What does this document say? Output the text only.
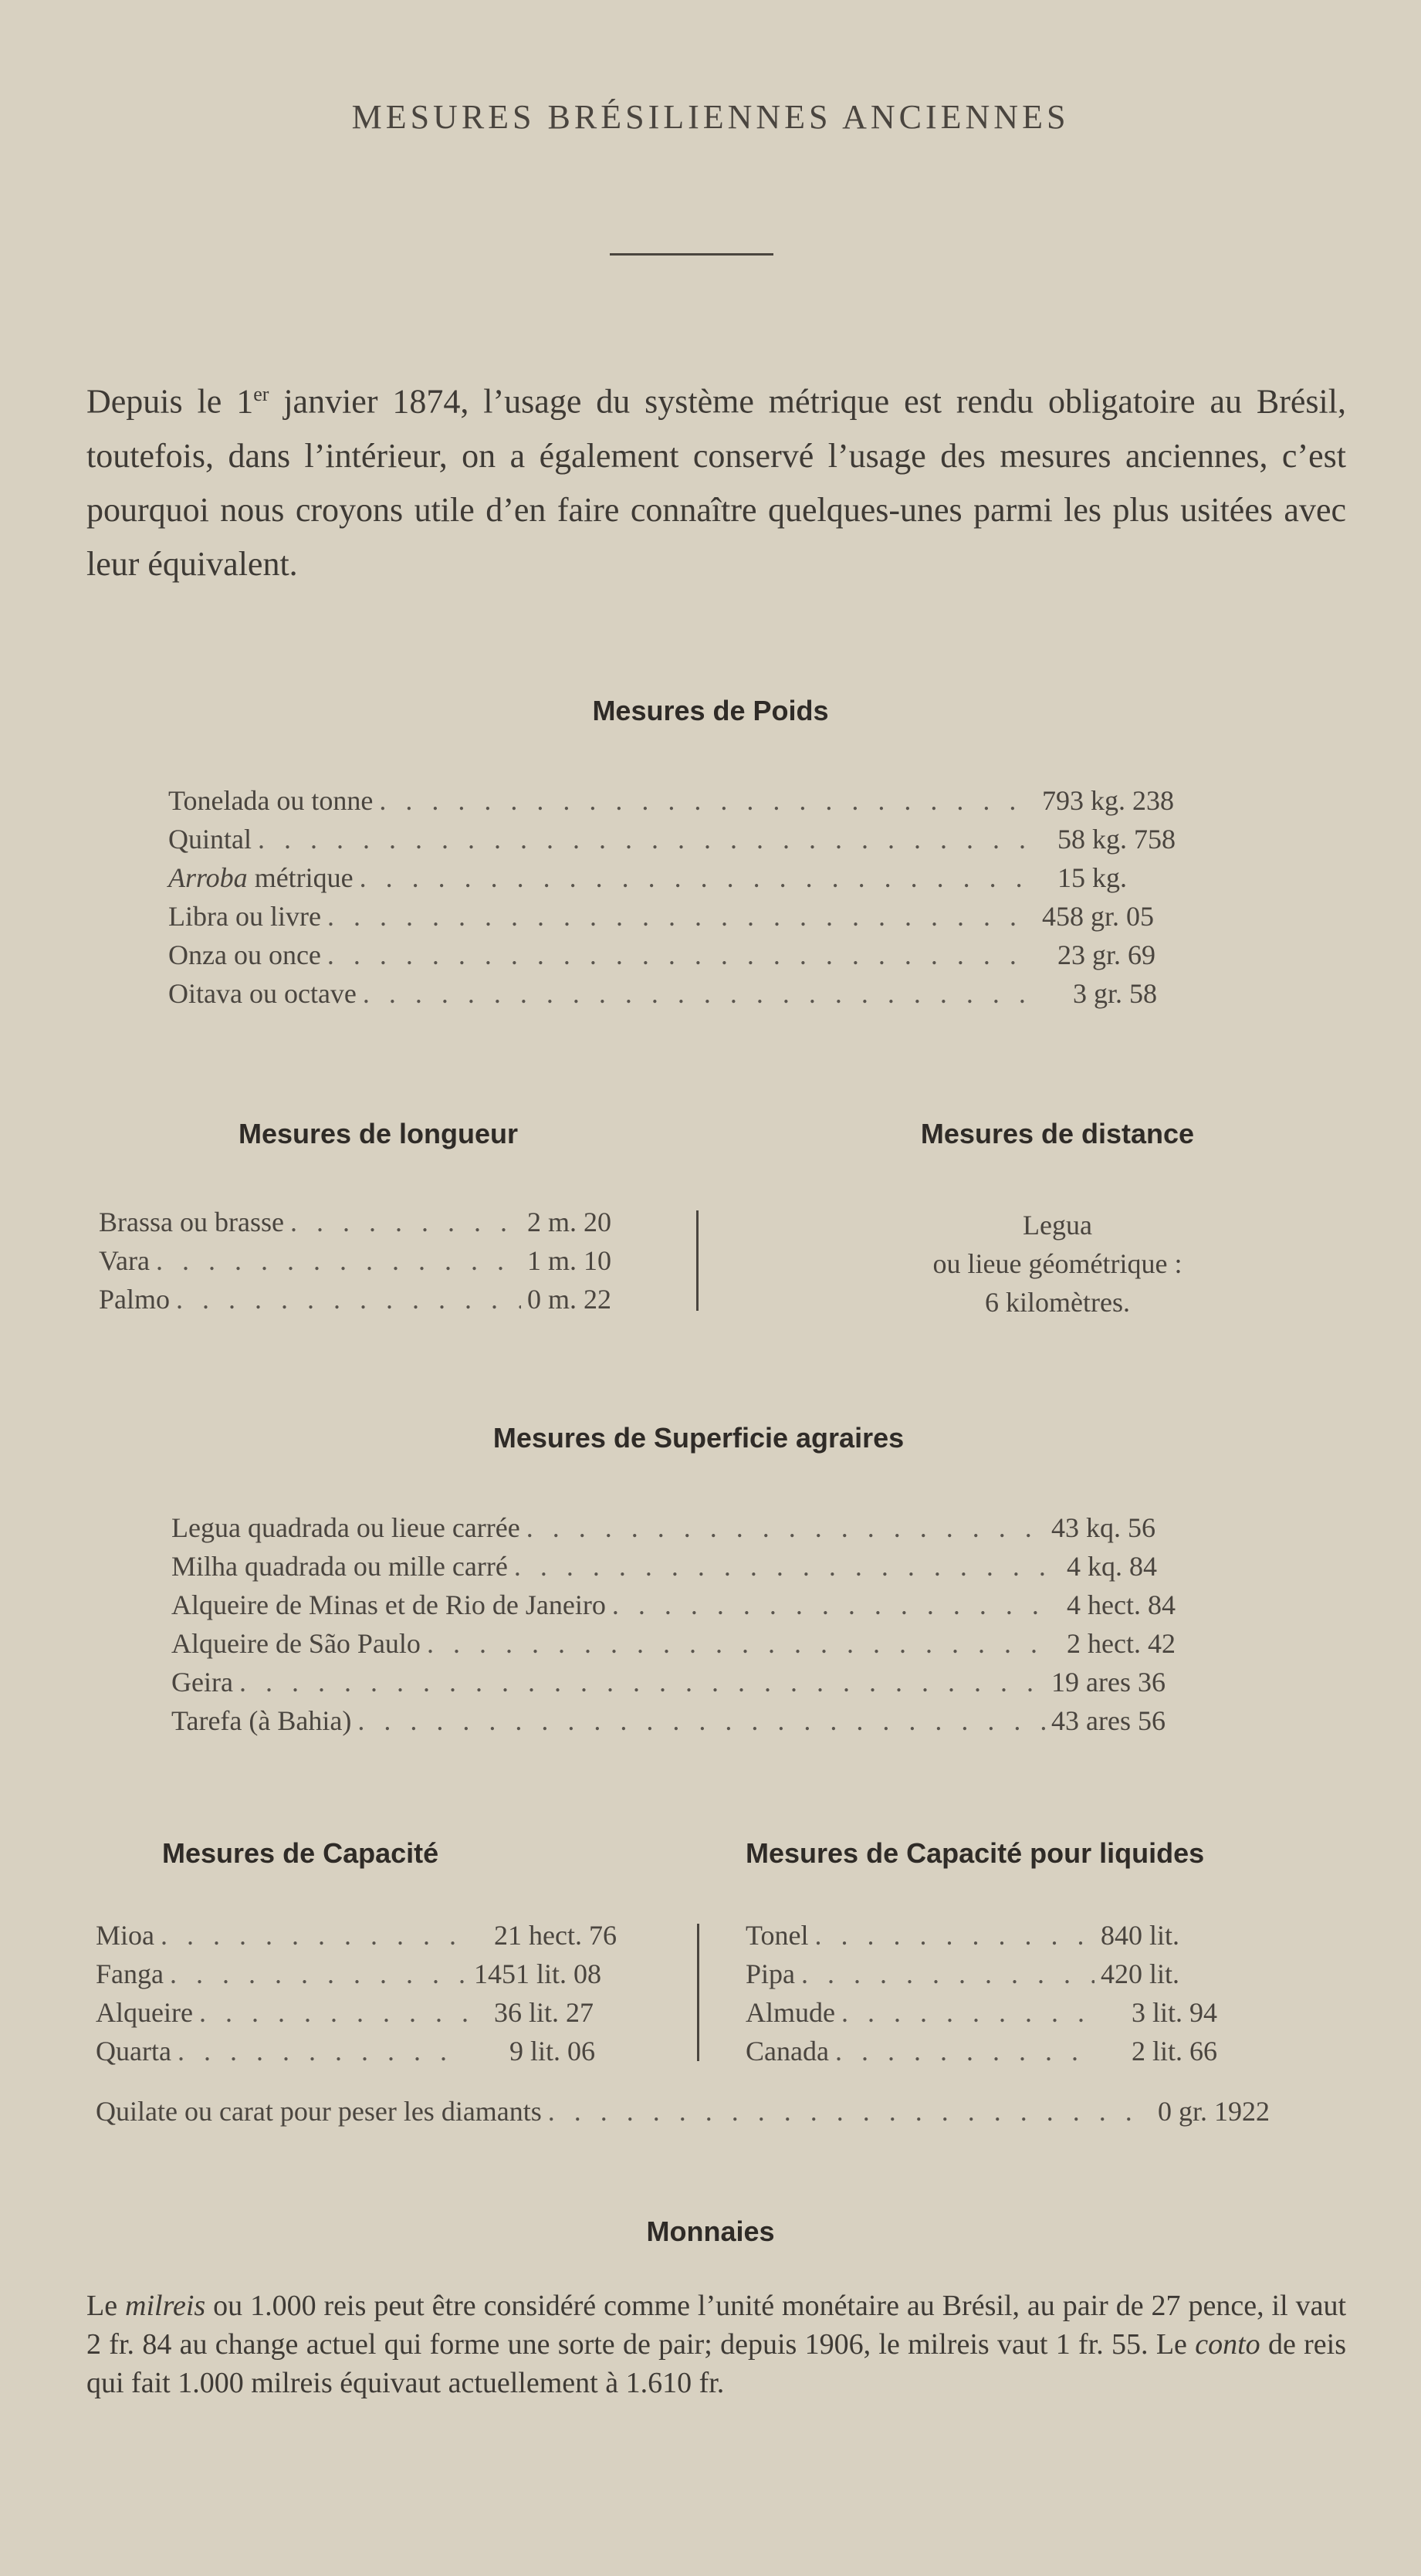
MESURES BRÉSILIENNES ANCIENNES
Depuis le 1er janvier 1874, l’usage du système métrique est rendu obligatoire au Brésil, toutefois, dans l’intérieur, on a également conservé l’usage des mesures anciennes, c’est pourquoi nous croyons utile d’en faire connaître quelques-unes parmi les plus usitées avec leur équivalent.
Mesures de Poids
Tonelada ou tonne . . .	793 kg. 238
Quintal . . .	58 kg. 758
Arroba métrique . . .	15 kg.
Libra ou livre . . .	458 gr. 05
Onza ou once . . .	23 gr. 69
Oitava ou octave . . .	3 gr. 58
Mesures de longueur	Mesures de distance
Brassa ou brasse . . .	2 m. 20
Vara . . .	1 m. 10
Palmo . . .	0 m. 22
Legua
ou lieue géométrique :
6 kilomètres.
Mesures de Superficie agraires
Legua quadrada ou lieue carrée . . .	43 kq. 56
Milha quadrada ou mille carré . . .	4 kq. 84
Alqueire de Minas et de Rio de Janeiro . . .	4 hect. 84
Alqueire de São Paulo . . .	2 hect. 42
Geira . . .	19 ares 36
Tarefa (à Bahia) . . .	43 ares 56
Mesures de Capacité	Mesures de Capacité pour liquides
Mioa . . .	21 hect. 76
Fanga . . .	1451 lit. 08
Alqueire . . .	36 lit. 27
Quarta . . .	9 lit. 06
Tonel . . .	840 lit.
Pipa . . .	420 lit.
Almude . . .	3 lit. 94
Canada . . .	2 lit. 66
Quilate ou carat pour peser les diamants . . .	0 gr. 1922
Monnaies
Le milreis ou 1.000 reis peut être considéré comme l’unité monétaire au Brésil, au pair de 27 pence, il vaut 2 fr. 84 au change actuel qui forme une sorte de pair; depuis 1906, le milreis vaut 1 fr. 55. Le conto de reis qui fait 1.000 milreis équivaut actuellement à 1.610 fr.
